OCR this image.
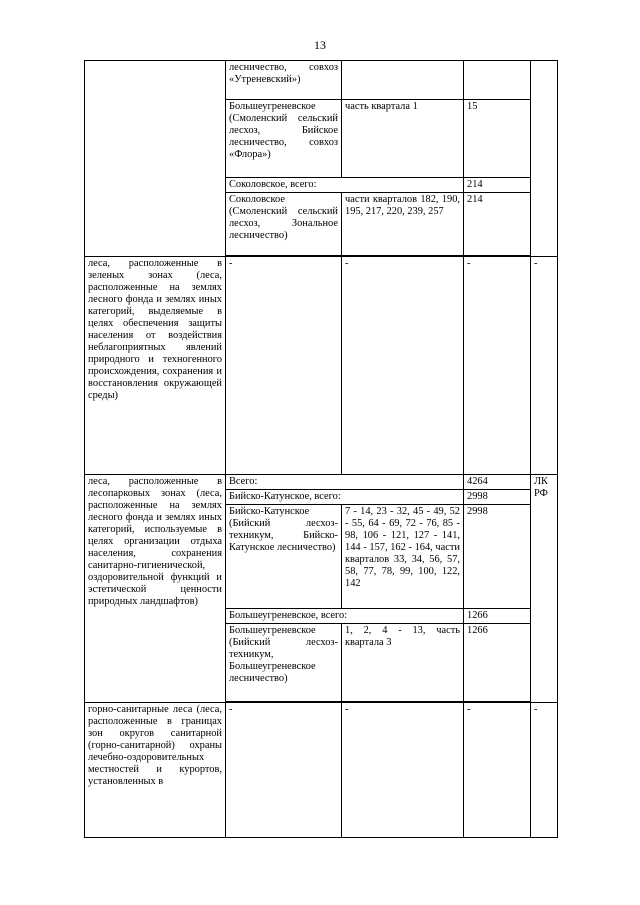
13
	лесничество, совхоз «Утреневский»)			
	Большеугреневское (Смоленский сельский лесхоз, Бийское лесничество, совхоз «Флора»)	часть квартала 1	15	
	Соколовское, всего:		214	
	Соколовское (Смоленский сельский лесхоз, Зональное лесничество)	части кварталов 182, 190, 195, 217, 220, 239, 257	214	

леса, расположенные в зеленых зонах (леса, расположенные на землях лесного фонда и землях иных категорий, выделяемые в целях обеспечения защиты населения от воздействия неблагоприятных явлений природного и техногенного происхождения, сохранения и восстановления окружающей среды)	-	-	-	-
леса, расположенные в лесопарковых зонах (леса, расположенные на землях лесного фонда и землях иных категорий, используемые в целях организации отдыха населения, сохранения санитарно-гигиенической, оздоровительной функций и эстетической ценности природных ландшафтов)	Всего:		4264	ЛК РФ
	Бийско-Катунское, всего:		2998	
	Бийско-Катунское (Бийский лесхоз-техникум, Бийско-Катунское лесничество)	7 - 14, 23 - 32, 45 - 49, 52 - 55, 64 - 69, 72 - 76, 85 - 98, 106 - 121, 127 - 141, 144 - 157, 162 - 164, части кварталов 33, 34, 56, 57, 58, 77, 78, 99, 100, 122, 142	2998	
	Большеугреневское, всего:		1266	
	Большеугреневское (Бийский лесхоз-техникум, Большеугреневское лесничество)	1, 2, 4 - 13, часть квартала 3	1266	

горно-санитарные леса (леса, расположенные в границах зон округов санитарной (горно-санитарной) охраны лечебно-оздоровительных местностей и курортов, установленных в	-	-	-	-
